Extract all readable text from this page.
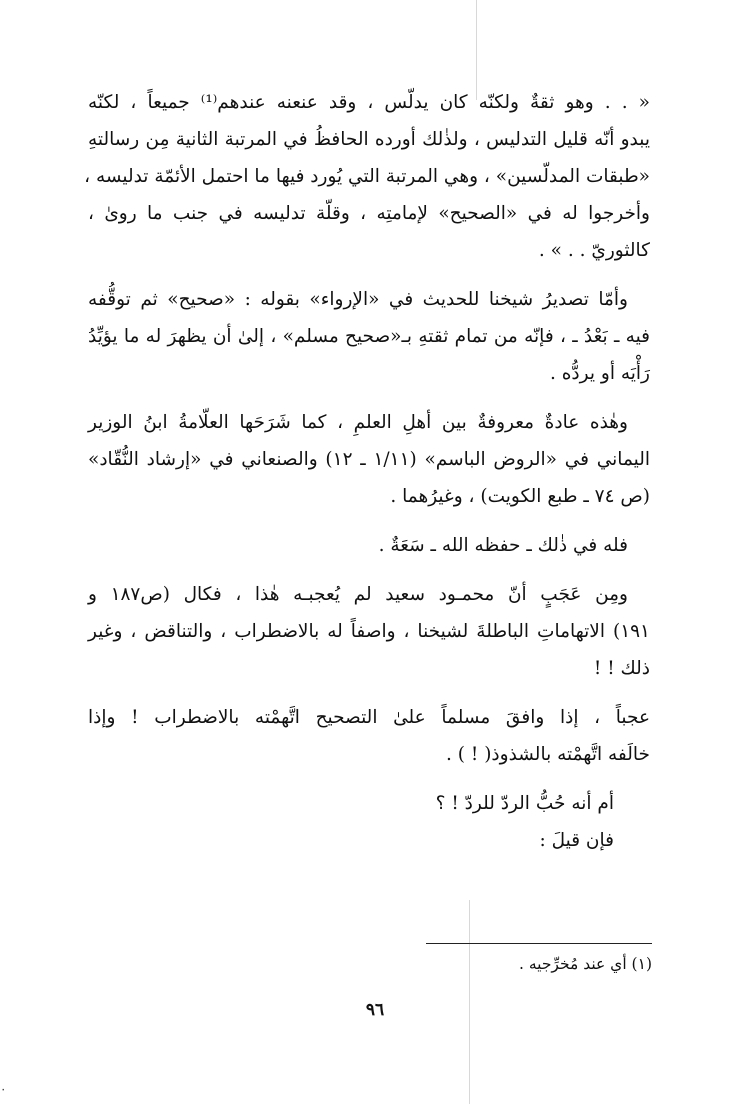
« . . وهو ثقةٌ ولكنّه كان يدلّس ، وقد عنعنه عندهم⁽¹⁾ جميعاً ، لكنّه
يبدو أنّه قليل التدليس ، ولذٰلك أورده الحافظُ في المرتبة الثانية مِن رسالتهِ
«طبقات المدلّسين» ، وهي المرتبة التي يُورد فيها ما احتمل الأئمّة تدليسه ،
وأخرجوا له في «الصحيح» لإمامتِه ، وقلّة تدليسه في جنب ما روىٰ ،
كالثوريّ . . » .

وأمّا تصديرُ شيخنا للحديث في «الإرواء» بقوله : «صحيح» ثم توقُّفه
فيه ـ بَعْدُ ـ ، فإنّه من تمام ثقتهِ بـ«صحيح مسلم» ، إلىٰ أن يظهرَ له ما يؤيِّدُ
رَأْيَه أو يردُّه .

وهٰذه عادةٌ معروفةٌ بين أهلِ العلمِ ، كما شَرَحَها العلّامةُ ابنُ الوزير
اليماني في «الروض الباسم» (١/١١ ـ ١٢) والصنعاني في «إرشاد النُّقّاد»
(ص ٧٤ ـ طبع الكويت) ، وغيرُهما .

فله في ذٰلك ـ حفظه الله ـ سَعَةٌ .

ومِن عَجَبٍ أنّ محمـود سعيد لم يُعجبـه هٰذا ، فكال (ص١٨٧ و
١٩١) الاتهاماتِ الباطلةَ لشيخنا ، واصفاً له بالاضطراب ، والتناقض ، وغير
ذلك ! !

عجباً ، إذا وافقَ مسلماً علىٰ التصحيح اتَّهمْته بالاضطراب ! وإذا
خالَفه اتَّهمْته بالشذوذ( ! ) .

أم أنه حُبُّ الردّ للردّ ! ؟
فإن قيلَ :

(١) أي عند مُخرِّجيه .
٩٦
٠
